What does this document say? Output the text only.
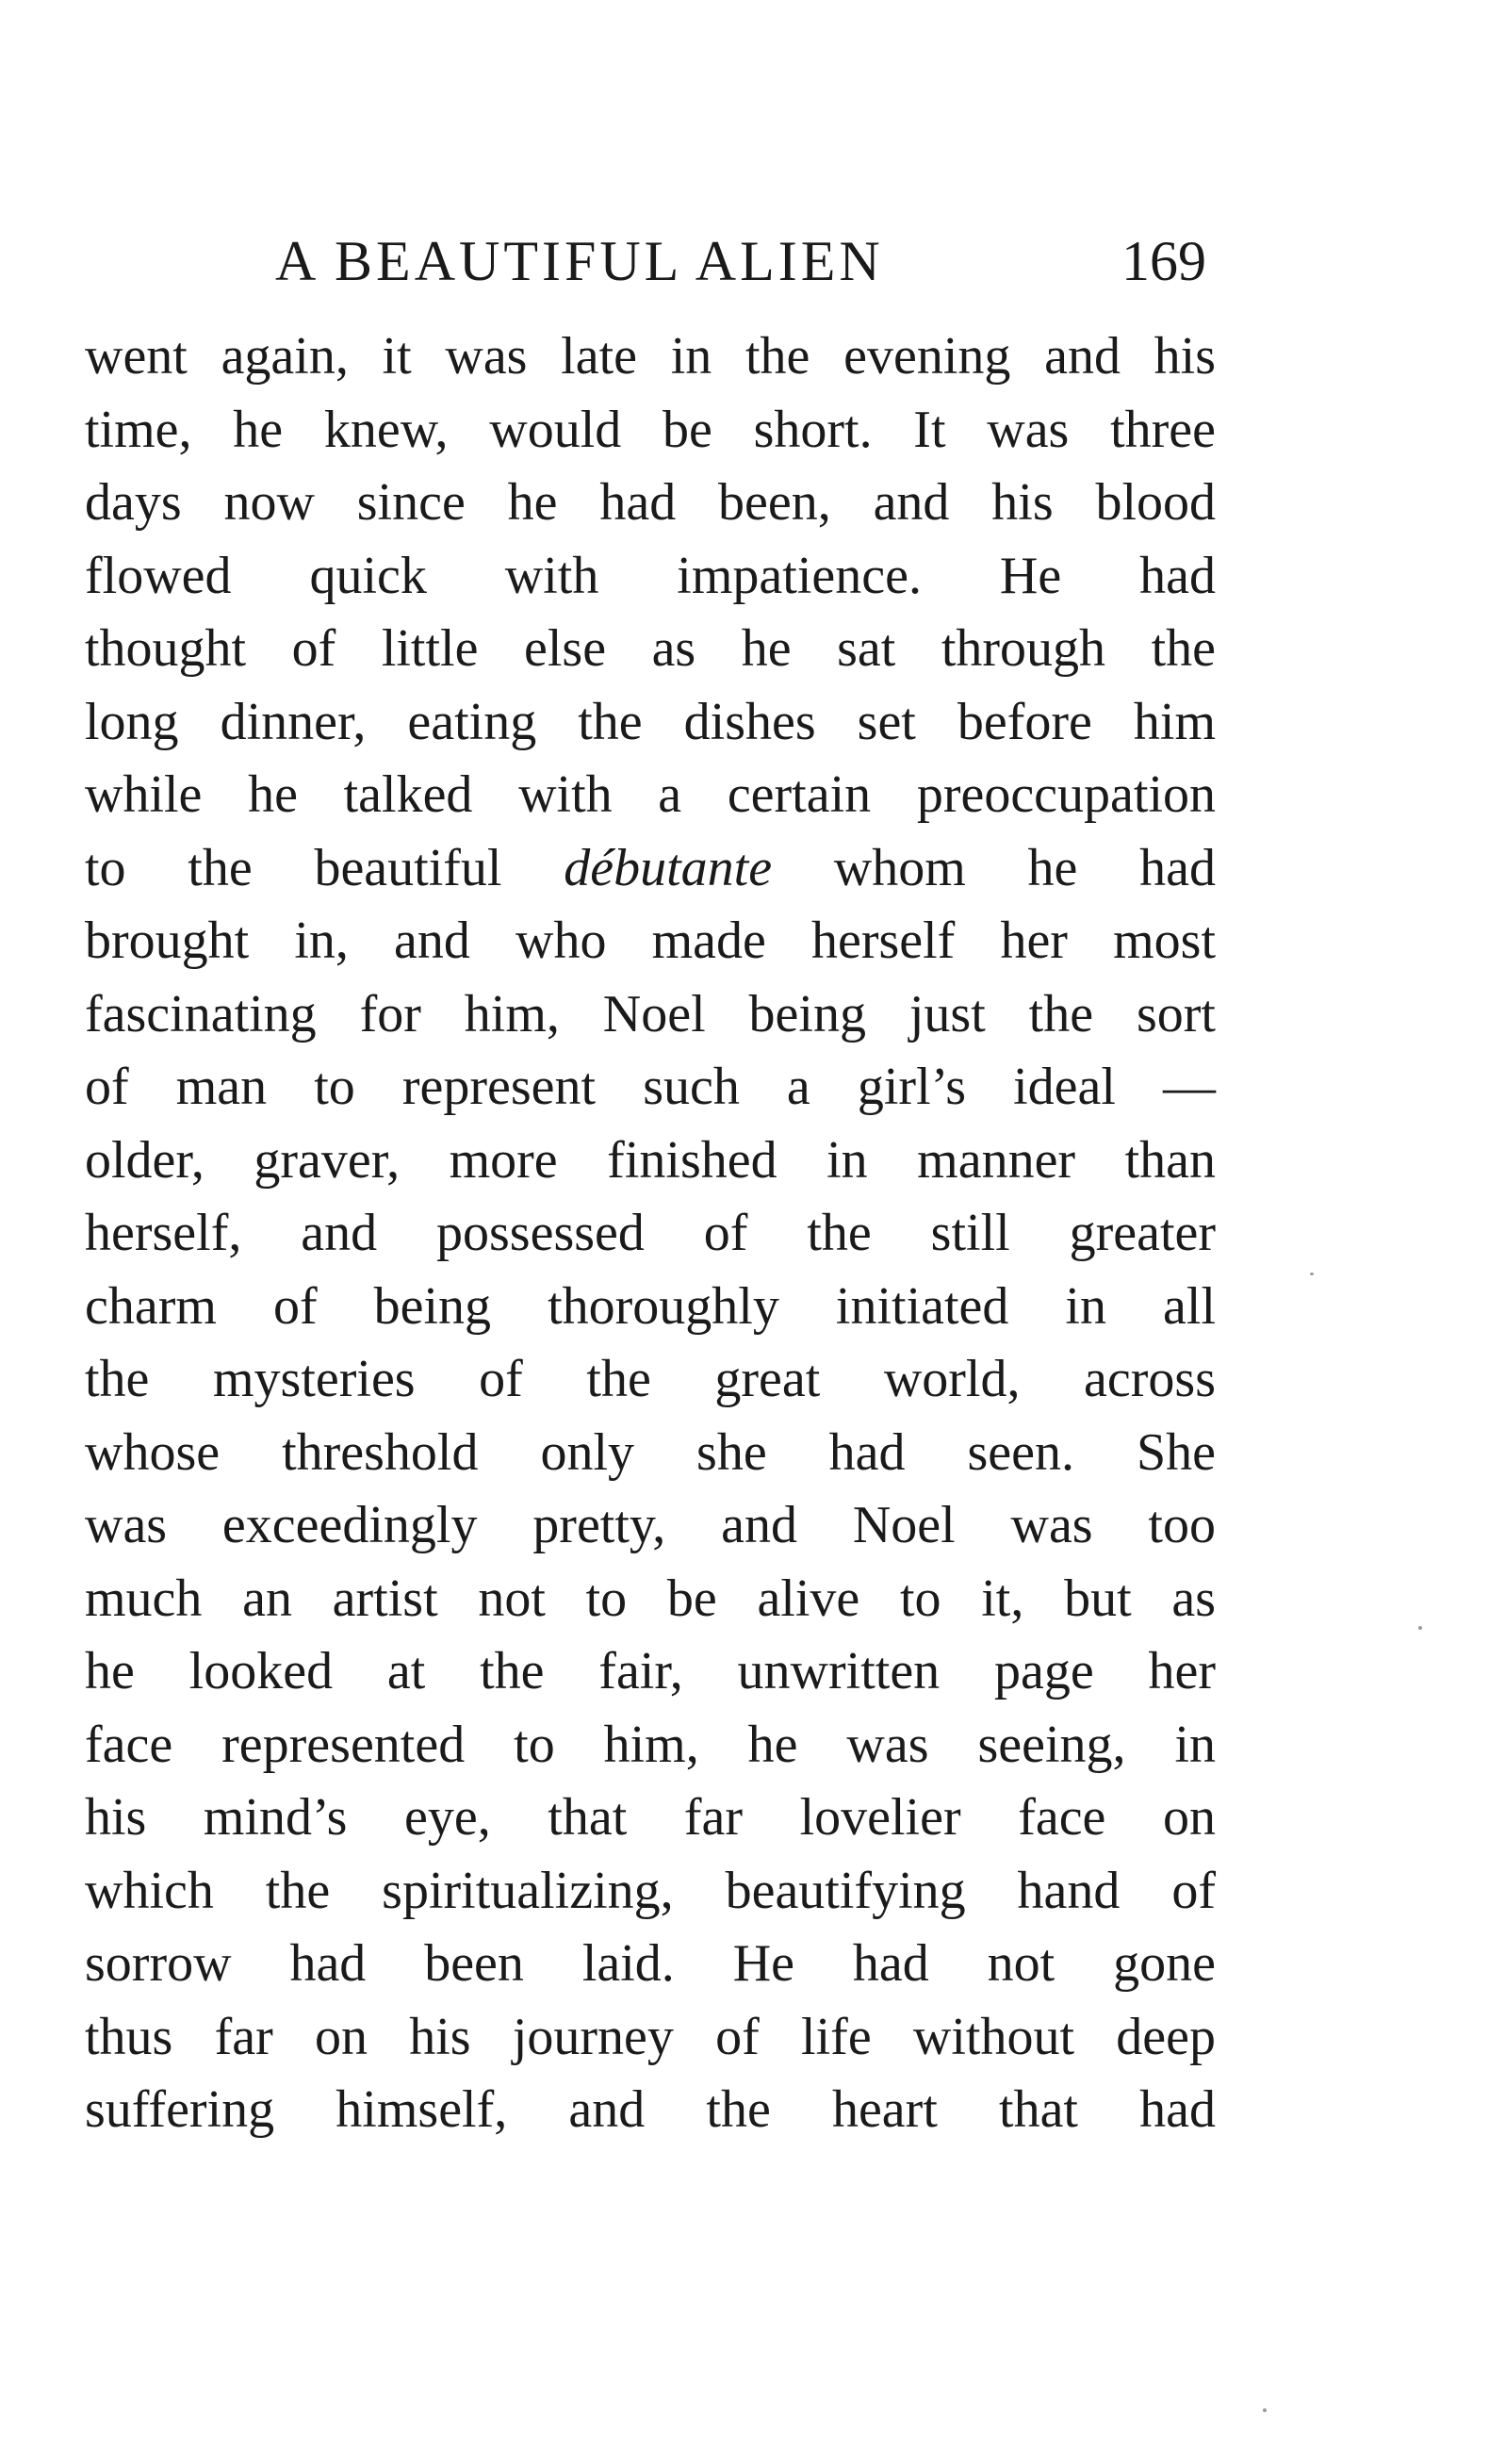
A BEAUTIFUL ALIEN	169
went again, it was late in the evening and his
time, he knew, would be short. It was three
days now since he had been, and his blood
flowed quick with impatience. He had
thought of little else as he sat through the
long dinner, eating the dishes set before him
while he talked with a certain preoccupation
to the beautiful débutante whom he had
brought in, and who made herself her most
fascinating for him, Noel being just the sort
of man to represent such a girl’s ideal —
older, graver, more finished in manner than
herself, and possessed of the still greater
charm of being thoroughly initiated in all
the mysteries of the great world, across
whose threshold only she had seen. She
was exceedingly pretty, and Noel was too
much an artist not to be alive to it, but as
he looked at the fair, unwritten page her
face represented to him, he was seeing, in
his mind’s eye, that far lovelier face on
which the spiritualizing, beautifying hand of
sorrow had been laid. He had not gone
thus far on his journey of life without deep
suffering himself, and the heart that had
